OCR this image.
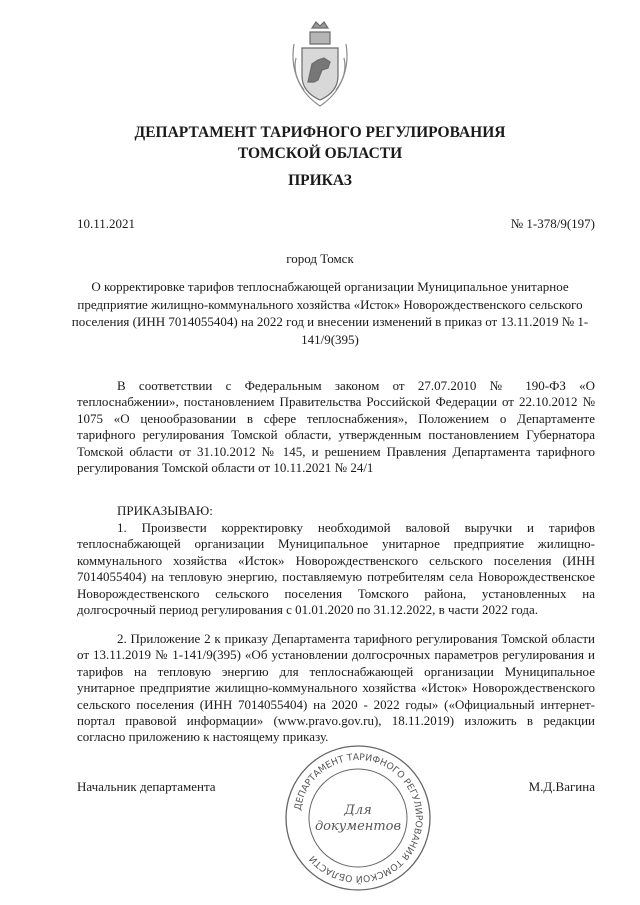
ДЕПАРТАМЕНТ ТАРИФНОГО РЕГУЛИРОВАНИЯ
ТОМСКОЙ ОБЛАСТИ
ПРИКАЗ
10.11.2021	№ 1-378/9(197)
город Томск
О корректировке тарифов теплоснабжающей организации Муниципальное унитарное предприятие жилищно-коммунального хозяйства «Исток» Новорождественского сельского поселения (ИНН 7014055404) на 2022 год и внесении изменений в приказ от 13.11.2019 № 1-141/9(395)
В соответствии с Федеральным законом от 27.07.2010 № 190-ФЗ «О теплоснабжении», постановлением Правительства Российской Федерации от 22.10.2012 № 1075 «О ценообразовании в сфере теплоснабжения», Положением о Департаменте тарифного регулирования Томской области, утвержденным постановлением Губернатора Томской области от 31.10.2012 № 145, и решением Правления Департамента тарифного регулирования Томской области от 10.11.2021 № 24/1
ПРИКАЗЫВАЮ:
1. Произвести корректировку необходимой валовой выручки и тарифов теплоснабжающей организации Муниципальное унитарное предприятие жилищно-коммунального хозяйства «Исток» Новорождественского сельского поселения (ИНН 7014055404) на тепловую энергию, поставляемую потребителям села Новорождественское Новорождественского сельского поселения Томского района, установленных на долгосрочный период регулирования с 01.01.2020 по 31.12.2022, в части 2022 года.
2. Приложение 2 к приказу Департамента тарифного регулирования Томской области от 13.11.2019 № 1-141/9(395) «Об установлении долгосрочных параметров регулирования и тарифов на тепловую энергию для теплоснабжающей организации Муниципальное унитарное предприятие жилищно-коммунального хозяйства «Исток» Новорождественского сельского поселения (ИНН 7014055404) на 2020 - 2022 годы» («Официальный интернет-портал правовой информации» (www.pravo.gov.ru), 18.11.2019) изложить в редакции согласно приложению к настоящему приказу.
Начальник департамента	М.Д.Вагина
ДЕПАРТАМЕНТ ТАРИФНОГО РЕГУЛИРОВАНИЯ ТОМСКОЙ ОБЛАСТИ
Для
документов
